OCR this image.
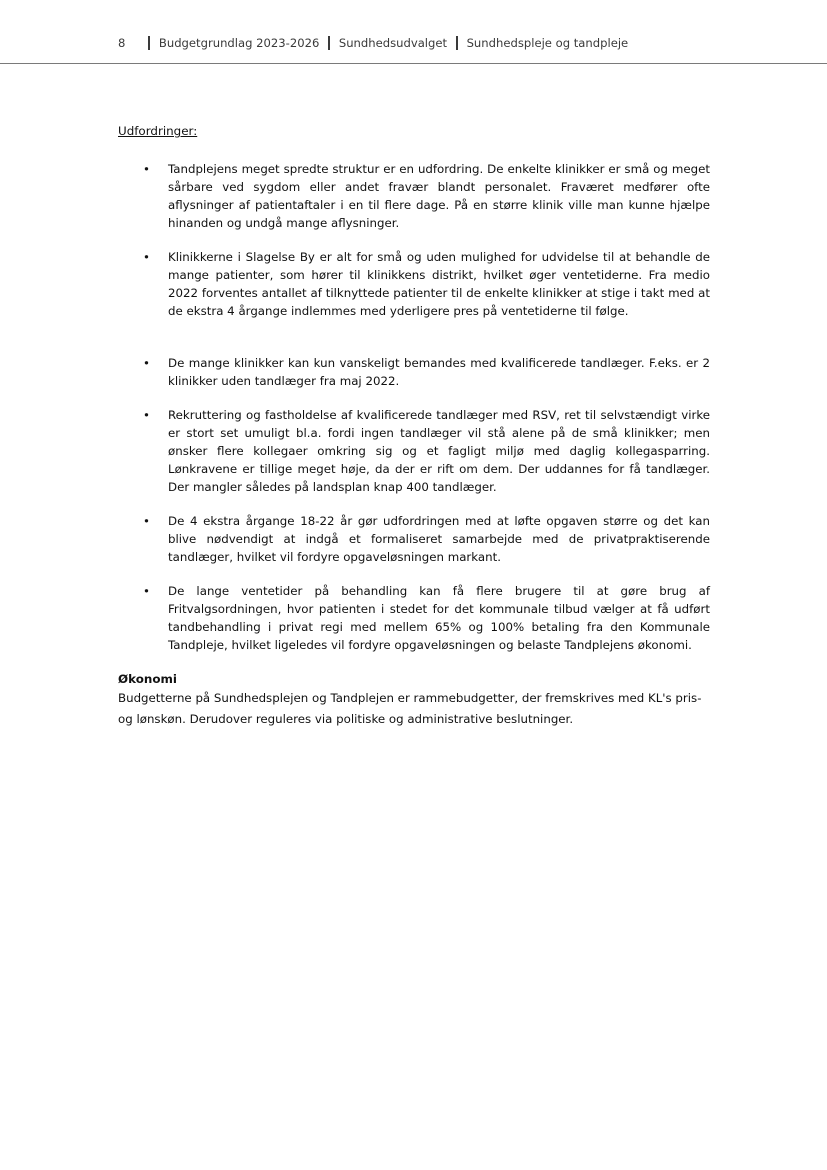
8	Budgetgrundlag 2023-2026 Sundhedsudvalget Sundhedspleje og tandpleje
Udfordringer:
• Tandplejens meget spredte struktur er en udfordring. De enkelte klinikker er små og meget sårbare ved sygdom eller andet fravær blandt personalet. Fraværet medfører ofte aflysninger af patientaftaler i en til flere dage. På en større klinik ville man kunne hjælpe hinanden og undgå mange aflysninger.
• Klinikkerne i Slagelse By er alt for små og uden mulighed for udvidelse til at behandle de mange patienter, som hører til klinikkens distrikt, hvilket øger ventetiderne. Fra medio 2022 forventes antallet af tilknyttede patienter til de enkelte klinikker at stige i takt med at de ekstra 4 årgange indlemmes med yderligere pres på ventetiderne til følge.
• De mange klinikker kan kun vanskeligt bemandes med kvalificerede tandlæger. F.eks. er 2 klinikker uden tandlæger fra maj 2022.
• Rekruttering og fastholdelse af kvalificerede tandlæger med RSV, ret til selvstændigt virke er stort set umuligt bl.a. fordi ingen tandlæger vil stå alene på de små klinikker; men ønsker flere kollegaer omkring sig og et fagligt miljø med daglig kollegasparring. Lønkravene er tillige meget høje, da der er rift om dem. Der uddannes for få tandlæger. Der mangler således på landsplan knap 400 tandlæger.
• De 4 ekstra årgange 18-22 år gør udfordringen med at løfte opgaven større og det kan blive nødvendigt at indgå et formaliseret samarbejde med de privatpraktiserende tandlæger, hvilket vil fordyre opgaveløsningen markant.
• De lange ventetider på behandling kan få flere brugere til at gøre brug af Fritvalgsordningen, hvor patienten i stedet for det kommunale tilbud vælger at få udført tandbehandling i privat regi med mellem 65% og 100% betaling fra den Kommunale Tandpleje, hvilket ligeledes vil fordyre opgaveløsningen og belaste Tandplejens økonomi.
Økonomi

Budgetterne på Sundhedsplejen og Tandplejen er rammebudgetter, der fremskrives med KL's pris- og lønskøn. Derudover reguleres via politiske og administrative beslutninger.
